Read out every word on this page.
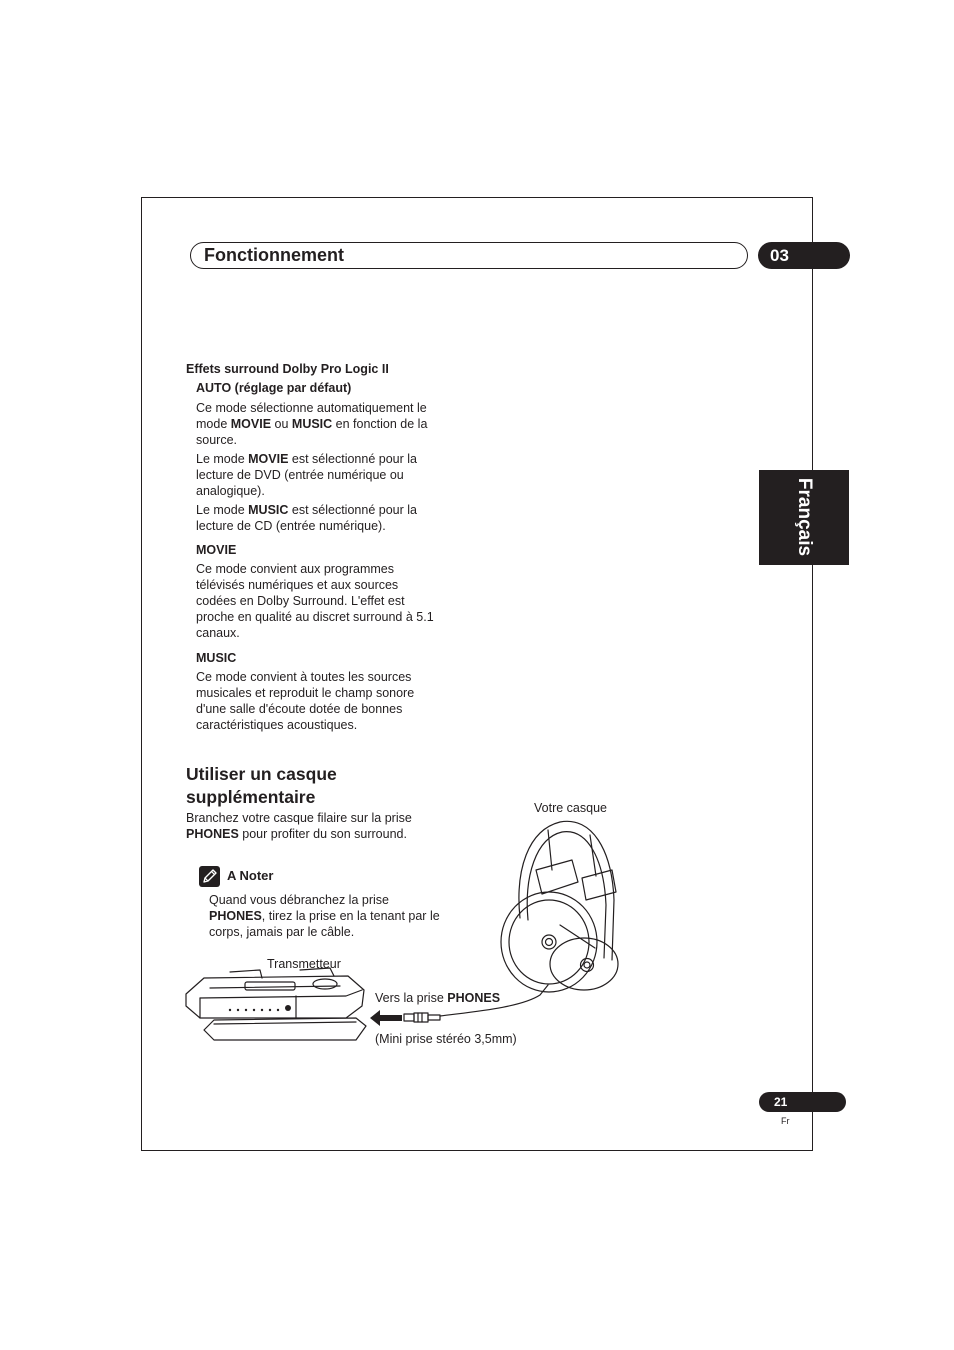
Fonctionnement	03
Français
Effets surround Dolby Pro Logic II
AUTO (réglage par défaut)
Ce mode sélectionne automatiquement le
mode MOVIE ou MUSIC en fonction de la
source.
Le mode MOVIE est sélectionné pour la
lecture de DVD (entrée numérique ou
analogique).
Le mode MUSIC est sélectionné pour la
lecture de CD (entrée numérique).
MOVIE
Ce mode convient aux programmes
télévisés numériques et aux sources
codées en Dolby Surround. L'effet est
proche en qualité au discret surround à 5.1
canaux.
MUSIC
Ce mode convient à toutes les sources
musicales et reproduit le champ sonore
d'une salle d'écoute dotée de bonnes
caractéristiques acoustiques.
Utiliser un casque
supplémentaire
Branchez votre casque filaire sur la prise
PHONES pour profiter du son surround.
A Noter
Quand vous débranchez la prise
PHONES, tirez la prise en la tenant par le
corps, jamais par le câble.
Votre casque
Transmetteur
Vers la prise PHONES
(Mini prise stéréo 3,5mm)
21
Fr
